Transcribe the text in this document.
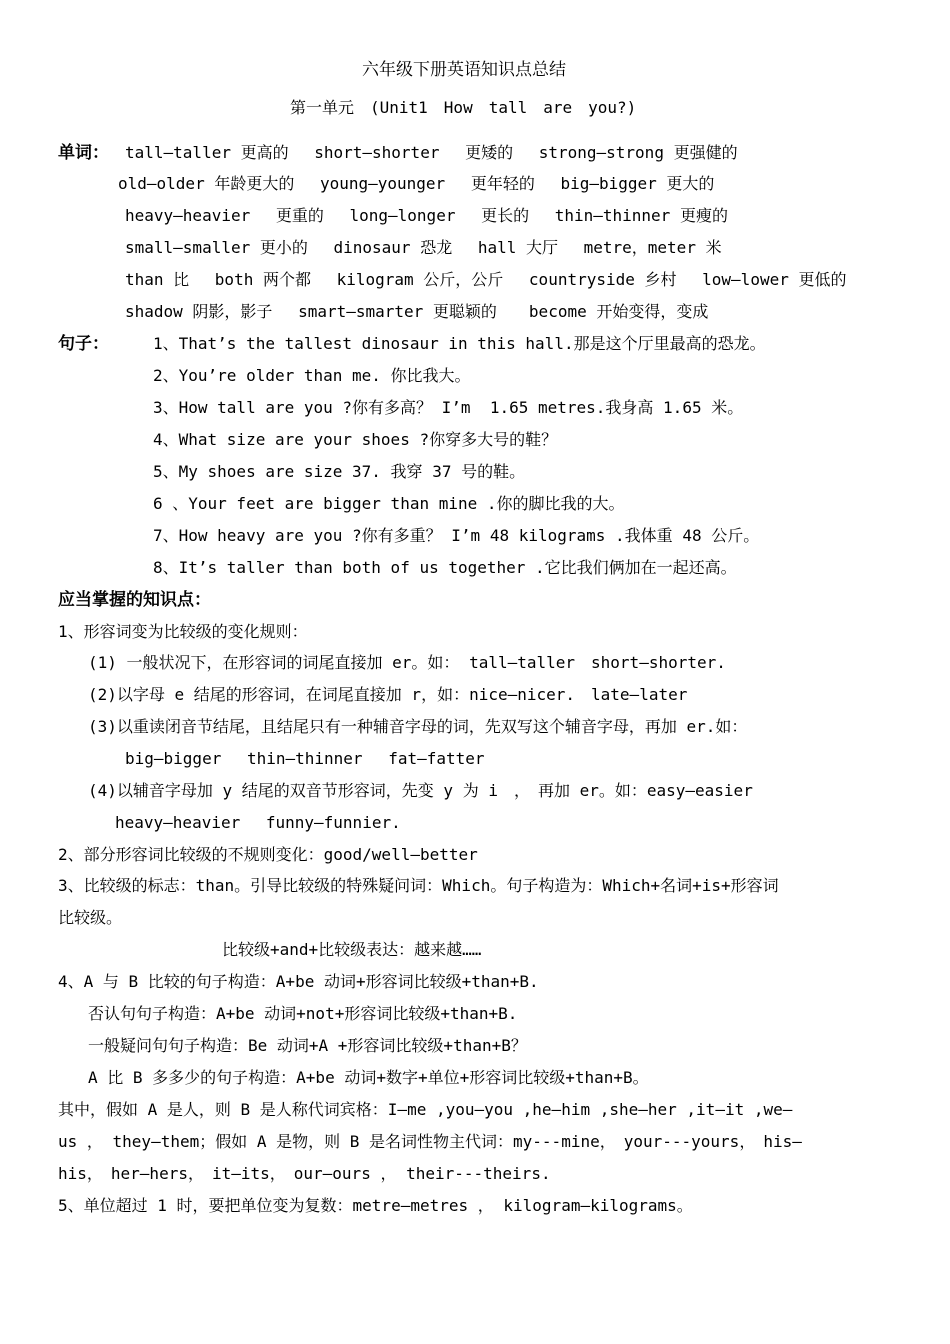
六年级下册英语知识点总结
第一单元　(Unit1　How　tall　are　you?)
单词： tall—taller 更高的　 short—shorter　 更矮的　 strong—strong 更强健的
old—older 年龄更大的　 young—younger　 更年轻的　 big—bigger 更大的
heavy—heavier　 更重的　 long—longer　 更长的　 thin—thinner 更瘦的
small—smaller 更小的　 dinosaur 恐龙　 hall 大厅　 metre，meter 米
than 比　 both 两个都　 kilogram 公斤，公斤　 countryside 乡村　 low—lower 更低的
shadow 阴影，影子　 smart—smarter 更聪颖的　　become 开始变得，变成
句子：	1、That’s the tallest dinosaur in this hall.那是这个厅里最高的恐龙。
2、You’re older than me. 你比我大。
3、How tall are you ?你有多高？ I’m  1.65 metres.我身高 1.65 米。
4、What size are your shoes ?你穿多大号的鞋？
5、My shoes are size 37. 我穿 37 号的鞋。
6 、Your feet are bigger than mine .你的脚比我的大。
7、How heavy are you ?你有多重？ I’m 48 kilograms .我体重 48 公斤。
8、It’s taller than both of us together .它比我们俩加在一起还高。
应当掌握的知识点：
1、形容词变为比较级的变化规则：
(1) 一般状况下，在形容词的词尾直接加 er。如： tall—taller　short—shorter.
(2)以字母 e 结尾的形容词，在词尾直接加 r，如：nice—nicer.　late—later
(3)以重读闭音节结尾，且结尾只有一种辅音字母的词，先双写这个辅音字母，再加 er.如：
big—bigger　 thin—thinner　 fat—fatter
(4)以辅音字母加 y 结尾的双音节形容词，先变 y 为 i　，　再加 er。如：easy—easier
heavy—heavier　 funny—funnier.
2、部分形容词比较级的不规则变化：good/well—better
3、比较级的标志：than。引导比较级的特殊疑问词：Which。句子构造为：Which+名词+is+形容词
比较级。
比较级+and+比较级表达：越来越……
4、A 与 B 比较的句子构造：A+be 动词+形容词比较级+than+B.
否认句句子构造：A+be 动词+not+形容词比较级+than+B.
一般疑问句句子构造：Be 动词+A +形容词比较级+than+B？
A 比 B 多多少的句子构造：A+be 动词+数字+单位+形容词比较级+than+B。
其中，假如 A 是人，则 B 是人称代词宾格：I—me ,you—you ,he—him ,she—her ,it—it ,we—
us ， they—them；假如 A 是物，则 B 是名词性物主代词：my---mine，　your---yours，　his—
his，　her—hers，　it—its，　our—ours ， their---theirs.
5、单位超过 1 时，要把单位变为复数：metre—metres ， kilogram—kilograms。
